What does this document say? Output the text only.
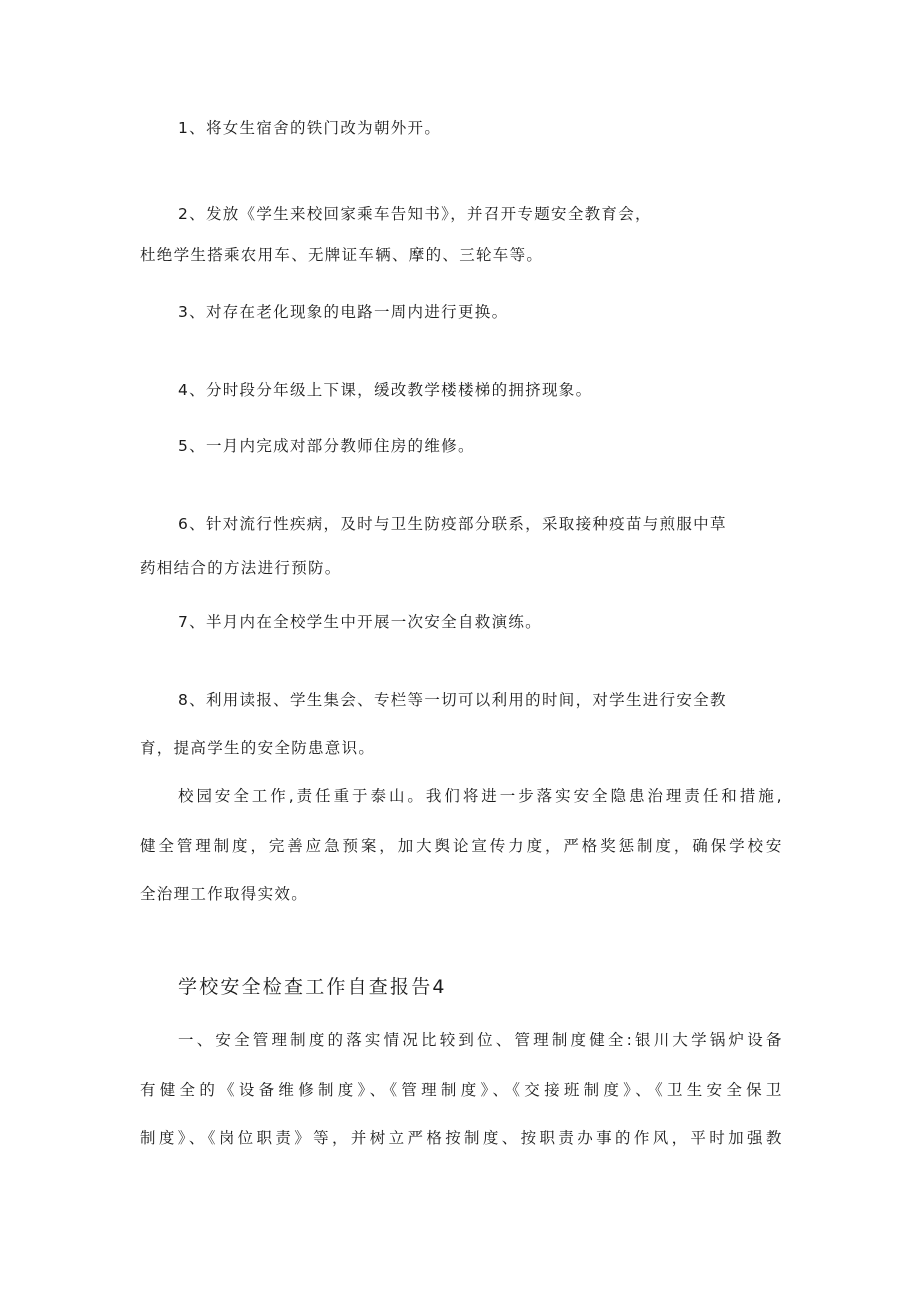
1、将女生宿舍的铁门改为朝外开。
2、发放《学生来校回家乘车告知书》，并召开专题安全教育会，
杜绝学生搭乘农用车、无牌证车辆、摩的、三轮车等。
3、对存在老化现象的电路一周内进行更换。
4、分时段分年级上下课，缓改教学楼楼梯的拥挤现象。
5、一月内完成对部分教师住房的维修。
6、针对流行性疾病，及时与卫生防疫部分联系，采取接种疫苗与煎服中草
药相结合的方法进行预防。
7、半月内在全校学生中开展一次安全自救演练。
8、利用读报、学生集会、专栏等一切可以利用的时间，对学生进行安全教
育，提高学生的安全防患意识。
校园安全工作,责任重于泰山。我们将进一步落实安全隐患治理责任和措施,
健全管理制度，完善应急预案，加大舆论宣传力度，严格奖惩制度，确保学校安
全治理工作取得实效。
学校安全检查工作自查报告4
一、安全管理制度的落实情况比较到位、管理制度健全:银川大学锅炉设备
有健全的《设备维修制度》、《管理制度》、《交接班制度》、《卫生安全保卫
制度》、《岗位职责》等，并树立严格按制度、按职责办事的作风，平时加强教
